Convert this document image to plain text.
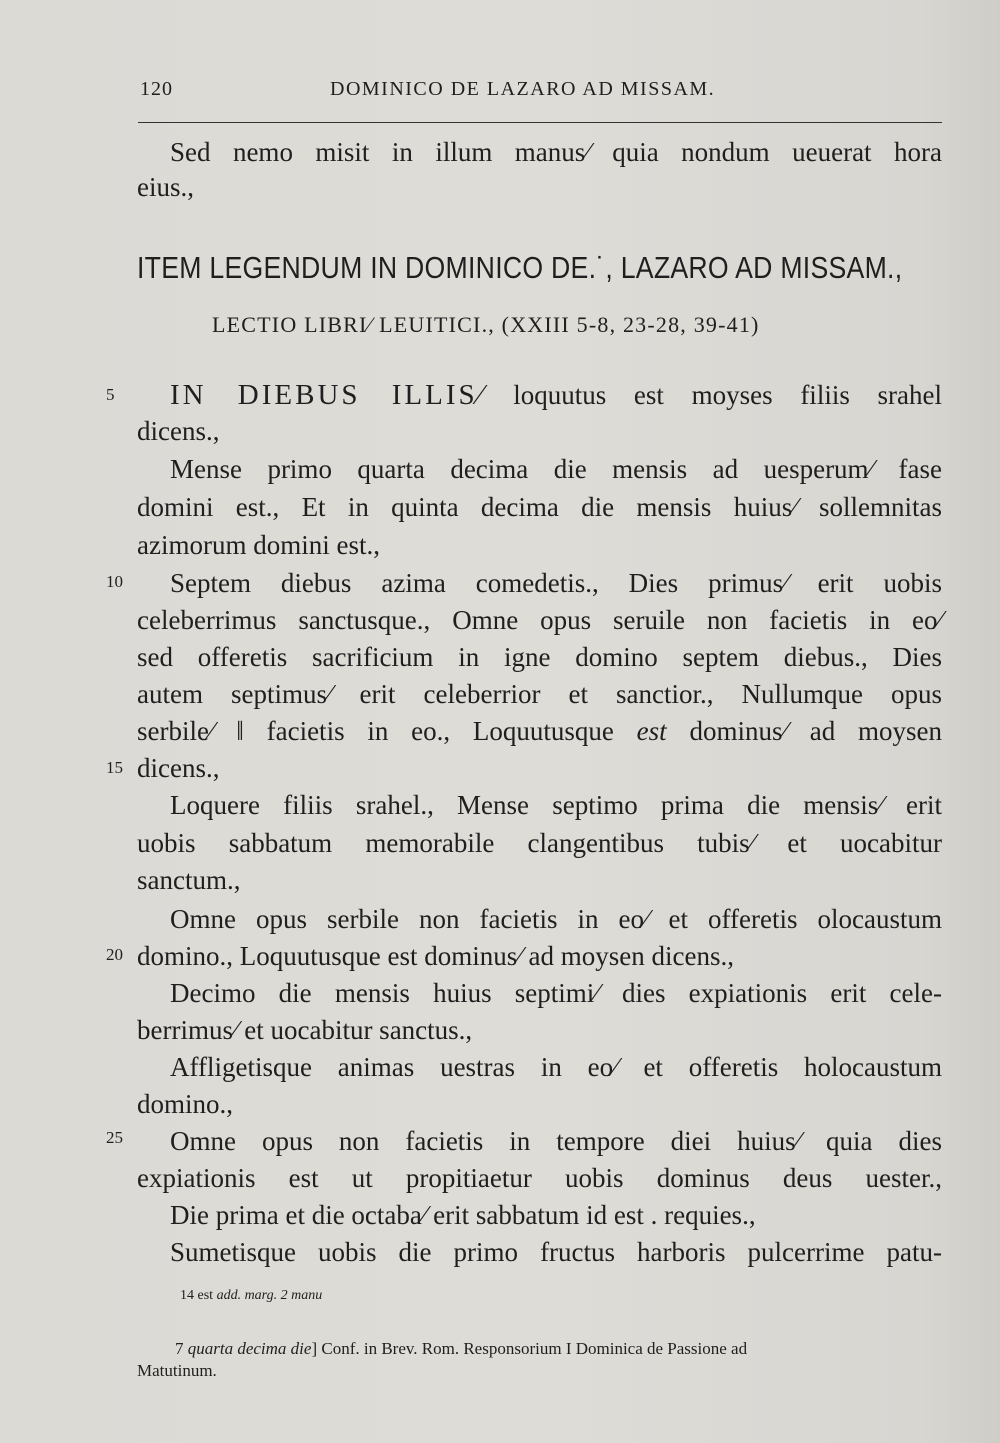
120	DOMINICO DE LAZARO AD MISSAM.
Sed nemo misit in illum manus⁄ quia nondum ueuerat hora
eius.,
ITEM LEGENDUM IN DOMINICO DE.˙, LAZARO AD MISSAM.,
LECTIO LIBRI⁄ LEUITICI., (XXIII 5-8, 23-28, 39-41)
5 IN DIEBUS ILLIS⁄ loquutus est moyses filiis srahel
dicens.,
Mense primo quarta decima die mensis ad uesperum⁄ fase
domini est., Et in quinta decima die mensis huius⁄ sollemnitas
azimorum domini est.,
10 Septem diebus azima comedetis., Dies primus⁄ erit uobis
celeberrimus sanctusque., Omne opus seruile non facietis in eo⁄
sed offeretis sacrificium in igne domino septem diebus., Dies
autem septimus⁄ erit celeberrior et sanctior., Nullumque opus
serbile⁄ ‖ facietis in eo., Loquutusque est dominus⁄ ad moysen
15 dicens.,
Loquere filiis srahel., Mense septimo prima die mensis⁄ erit
uobis sabbatum memorabile clangentibus tubis⁄ et uocabitur
sanctum.,
Omne opus serbile non facietis in eo⁄ et offeretis olocaustum
20 domino., Loquutusque est dominus⁄ ad moysen dicens.,
Decimo die mensis huius septimi⁄ dies expiationis erit cele-
berrimus⁄ et uocabitur sanctus.,
Affligetisque animas uestras in eo⁄ et offeretis holocaustum
domino.,
25 Omne opus non facietis in tempore diei huius⁄ quia dies
expiationis est ut propitiaetur uobis dominus deus uester.,
Die prima et die octaba⁄ erit sabbatum id est . requies.,
Sumetisque uobis die primo fructus harboris pulcerrime patu-
14 est add. marg. 2 manu
7 quarta decima die] Conf. in Brev. Rom. Responsorium I Dominica de Passione ad
Matutinum.
